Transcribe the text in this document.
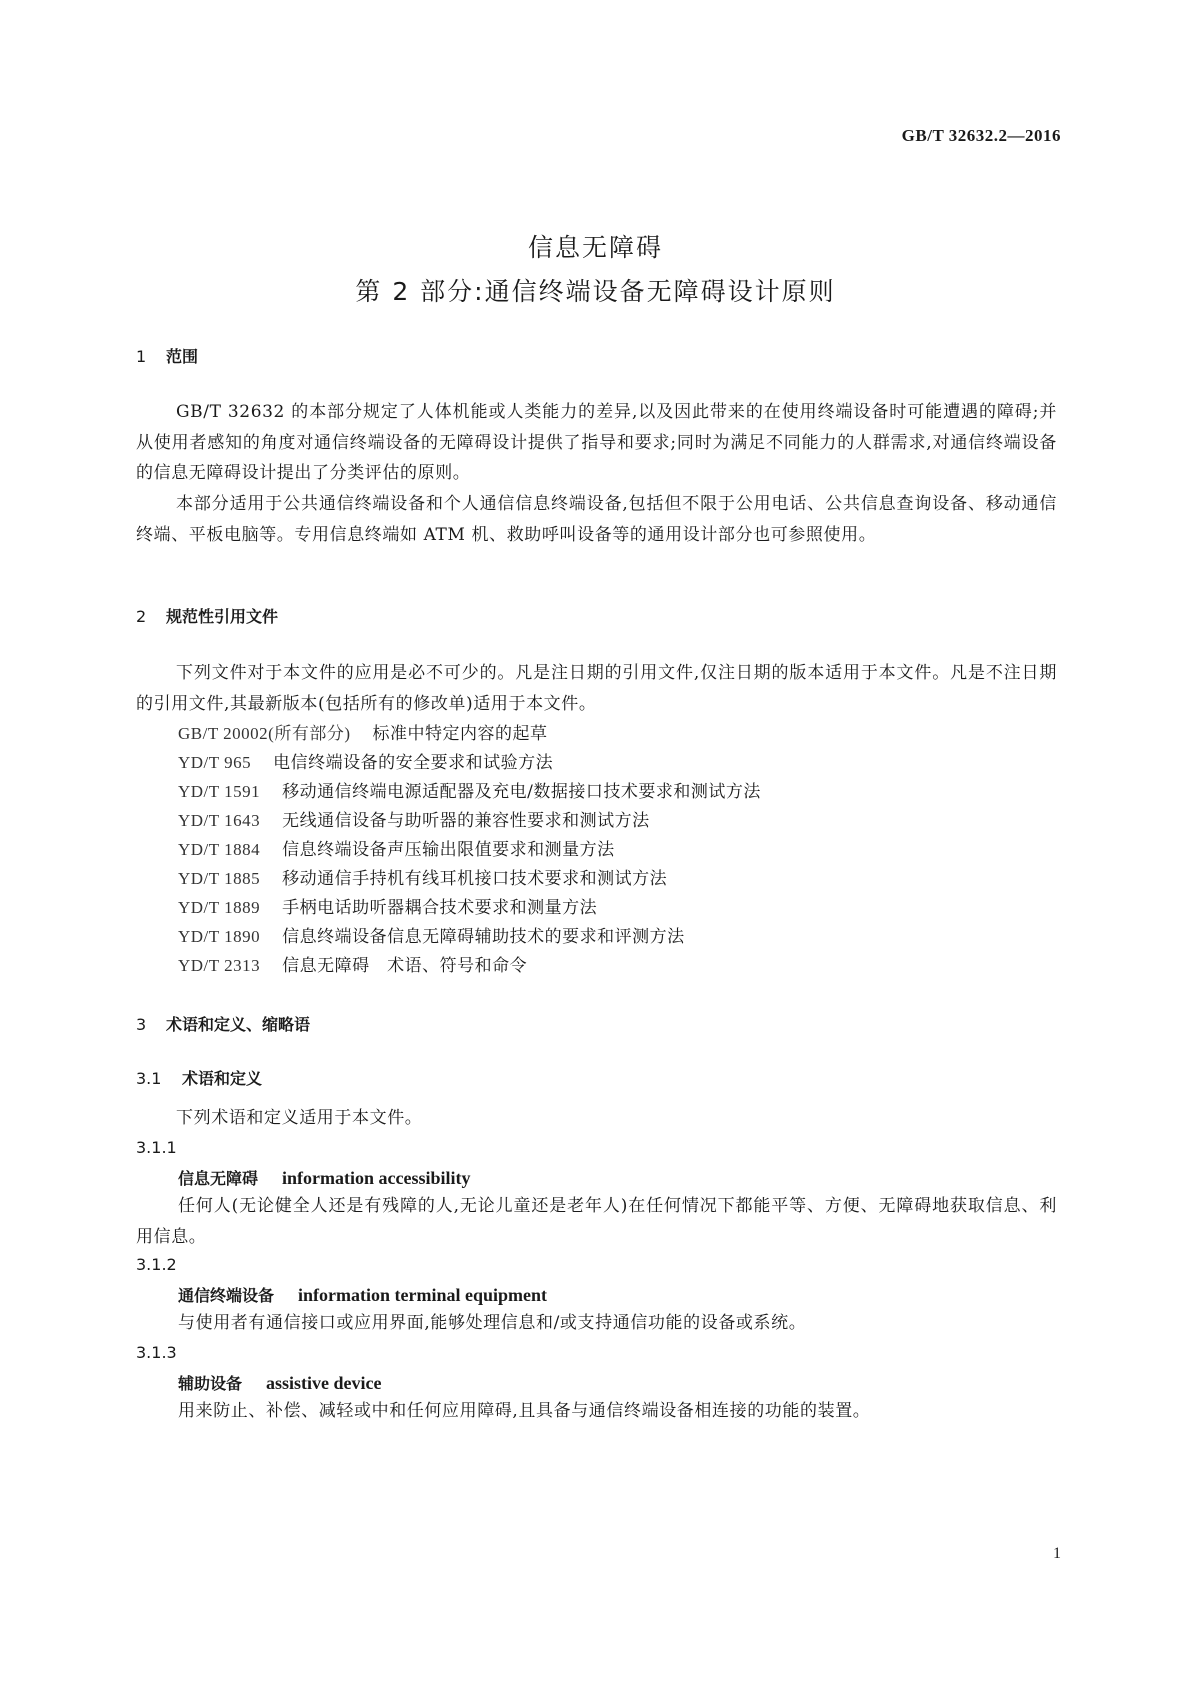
GB/T 32632.2—2016
信息无障碍
第 2 部分:通信终端设备无障碍设计原则
1 范围
GB/T 32632 的本部分规定了人体机能或人类能力的差异,以及因此带来的在使用终端设备时可能遭遇的障碍;并从使用者感知的角度对通信终端设备的无障碍设计提供了指导和要求;同时为满足不同能力的人群需求,对通信终端设备的信息无障碍设计提出了分类评估的原则。
本部分适用于公共通信终端设备和个人通信信息终端设备,包括但不限于公用电话、公共信息查询设备、移动通信终端、平板电脑等。专用信息终端如 ATM 机、救助呼叫设备等的通用设计部分也可参照使用。
2 规范性引用文件
下列文件对于本文件的应用是必不可少的。凡是注日期的引用文件,仅注日期的版本适用于本文件。凡是不注日期的引用文件,其最新版本(包括所有的修改单)适用于本文件。
GB/T 20002(所有部分) 标准中特定内容的起草
YD/T 965 电信终端设备的安全要求和试验方法
YD/T 1591 移动通信终端电源适配器及充电/数据接口技术要求和测试方法
YD/T 1643 无线通信设备与助听器的兼容性要求和测试方法
YD/T 1884 信息终端设备声压输出限值要求和测量方法
YD/T 1885 移动通信手持机有线耳机接口技术要求和测试方法
YD/T 1889 手柄电话助听器耦合技术要求和测量方法
YD/T 1890 信息终端设备信息无障碍辅助技术的要求和评测方法
YD/T 2313 信息无障碍　术语、符号和命令
3 术语和定义、缩略语
3.1 术语和定义
下列术语和定义适用于本文件。
3.1.1
信息无障碍 information accessibility
任何人(无论健全人还是有残障的人,无论儿童还是老年人)在任何情况下都能平等、方便、无障碍地获取信息、利用信息。
3.1.2
通信终端设备 information terminal equipment
与使用者有通信接口或应用界面,能够处理信息和/或支持通信功能的设备或系统。
3.1.3
辅助设备 assistive device
用来防止、补偿、减轻或中和任何应用障碍,且具备与通信终端设备相连接的功能的装置。
1
